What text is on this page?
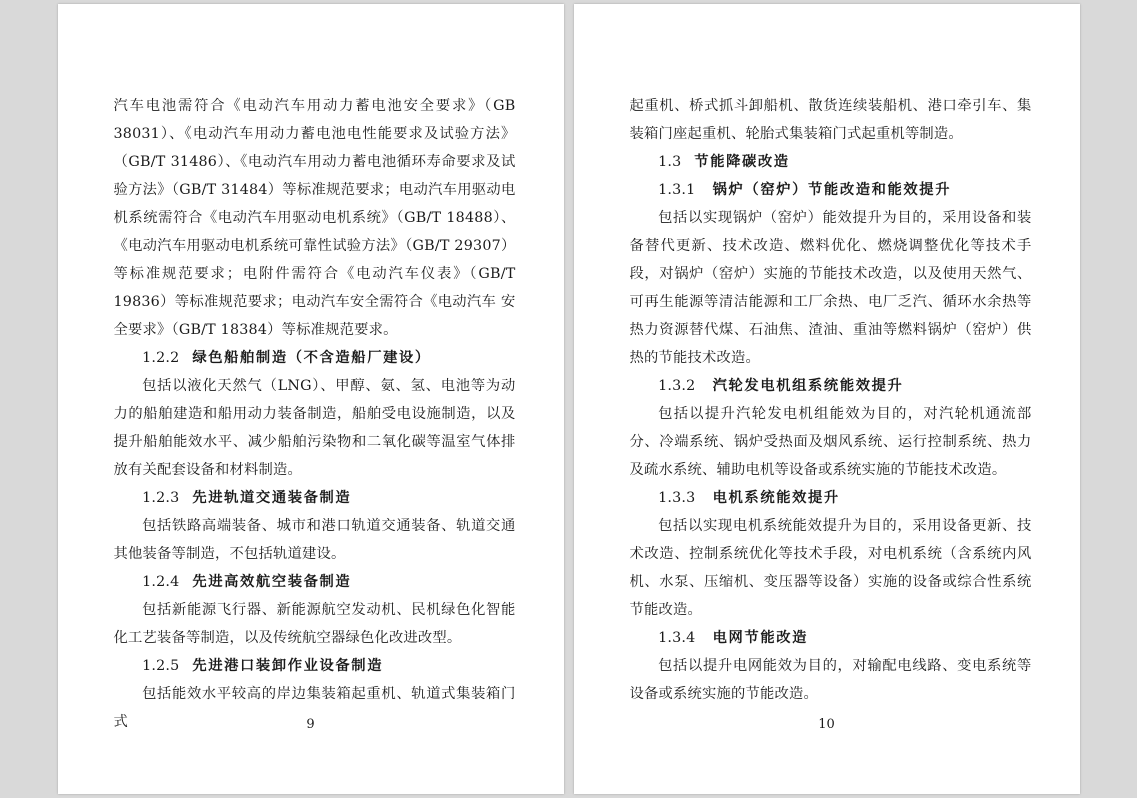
汽车电池需符合《电动汽车用动力蓄电池安全要求》（GB 38031）、《电动汽车用动力蓄电池电性能要求及试验方法》（GB/T 31486）、《电动汽车用动力蓄电池循环寿命要求及试验方法》（GB/T 31484）等标准规范要求；电动汽车用驱动电机系统需符合《电动汽车用驱动电机系统》（GB/T 18488）、《电动汽车用驱动电机系统可靠性试验方法》（GB/T 29307）等标准规范要求；电附件需符合《电动汽车仪表》（GB/T 19836）等标准规范要求；电动汽车安全需符合《电动汽车 安全要求》（GB/T 18384）等标准规范要求。

1.2.2 绿色船舶制造（不含造船厂建设）

包括以液化天然气（LNG）、甲醇、氨、氢、电池等为动力的船舶建造和船用动力装备制造，船舶受电设施制造，以及提升船舶能效水平、减少船舶污染物和二氧化碳等温室气体排放有关配套设备和材料制造。

1.2.3 先进轨道交通装备制造

包括铁路高端装备、城市和港口轨道交通装备、轨道交通其他装备等制造，不包括轨道建设。

1.2.4 先进高效航空装备制造

包括新能源飞行器、新能源航空发动机、民机绿色化智能化工艺装备等制造，以及传统航空器绿色化改进改型。

1.2.5 先进港口装卸作业设备制造

包括能效水平较高的岸边集装箱起重机、轨道式集装箱门式	9

起重机、桥式抓斗卸船机、散货连续装船机、港口牵引车、集装箱门座起重机、轮胎式集装箱门式起重机等制造。

1.3 节能降碳改造

1.3.1 锅炉（窑炉）节能改造和能效提升

包括以实现锅炉（窑炉）能效提升为目的，采用设备和装备替代更新、技术改造、燃料优化、燃烧调整优化等技术手段，对锅炉（窑炉）实施的节能技术改造，以及使用天然气、可再生能源等清洁能源和工厂余热、电厂乏汽、循环水余热等热力资源替代煤、石油焦、渣油、重油等燃料锅炉（窑炉）供热的节能技术改造。

1.3.2 汽轮发电机组系统能效提升

包括以提升汽轮发电机组能效为目的，对汽轮机通流部分、冷端系统、锅炉受热面及烟风系统、运行控制系统、热力及疏水系统、辅助电机等设备或系统实施的节能技术改造。

1.3.3 电机系统能效提升

包括以实现电机系统能效提升为目的，采用设备更新、技术改造、控制系统优化等技术手段，对电机系统（含系统内风机、水泵、压缩机、变压器等设备）实施的设备或综合性系统节能改造。

1.3.4 电网节能改造

包括以提升电网能效为目的，对输配电线路、变电系统等设备或系统实施的节能改造。

10
